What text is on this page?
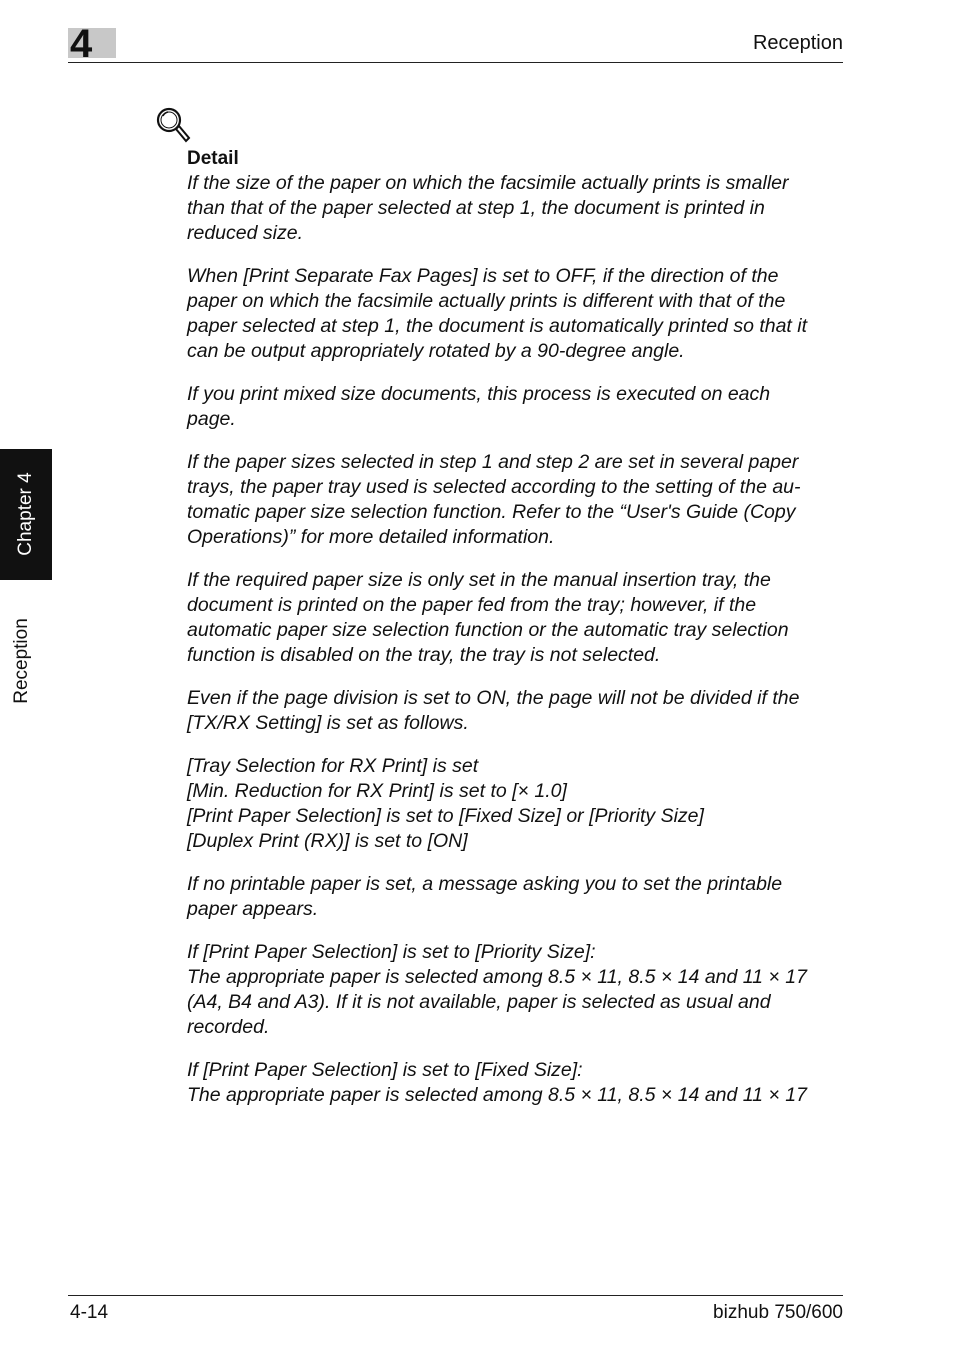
4	Reception
Chapter 4
Reception

Detail

If the size of the paper on which the facsimile actually prints is smaller
than that of the paper selected at step 1, the document is printed in
reduced size.

When [Print Separate Fax Pages] is set to OFF, if the direction of the
paper on which the facsimile actually prints is different with that of the
paper selected at step 1, the document is automatically printed so that it
can be output appropriately rotated by a 90-degree angle.

If you print mixed size documents, this process is executed on each
page.

If the paper sizes selected in step 1 and step 2 are set in several paper
trays, the paper tray used is selected according to the setting of the au-
tomatic paper size selection function. Refer to the “User's Guide (Copy
Operations)” for more detailed information.

If the required paper size is only set in the manual insertion tray, the
document is printed on the paper fed from the tray; however, if the
automatic paper size selection function or the automatic tray selection
function is disabled on the tray, the tray is not selected.

Even if the page division is set to ON, the page will not be divided if the
[TX/RX Setting] is set as follows.

[Tray Selection for RX Print] is set
[Min. Reduction for RX Print] is set to [× 1.0]
[Print Paper Selection] is set to [Fixed Size] or [Priority Size]
[Duplex Print (RX)] is set to [ON]

If no printable paper is set, a message asking you to set the printable
paper appears.

If [Print Paper Selection] is set to [Priority Size]:
The appropriate paper is selected among 8.5 × 11, 8.5 × 14 and 11 × 17
(A4, B4 and A3). If it is not available, paper is selected as usual and
recorded.

If [Print Paper Selection] is set to [Fixed Size]:
The appropriate paper is selected among 8.5 × 11, 8.5 × 14 and 11 × 17

4-14	bizhub 750/600
